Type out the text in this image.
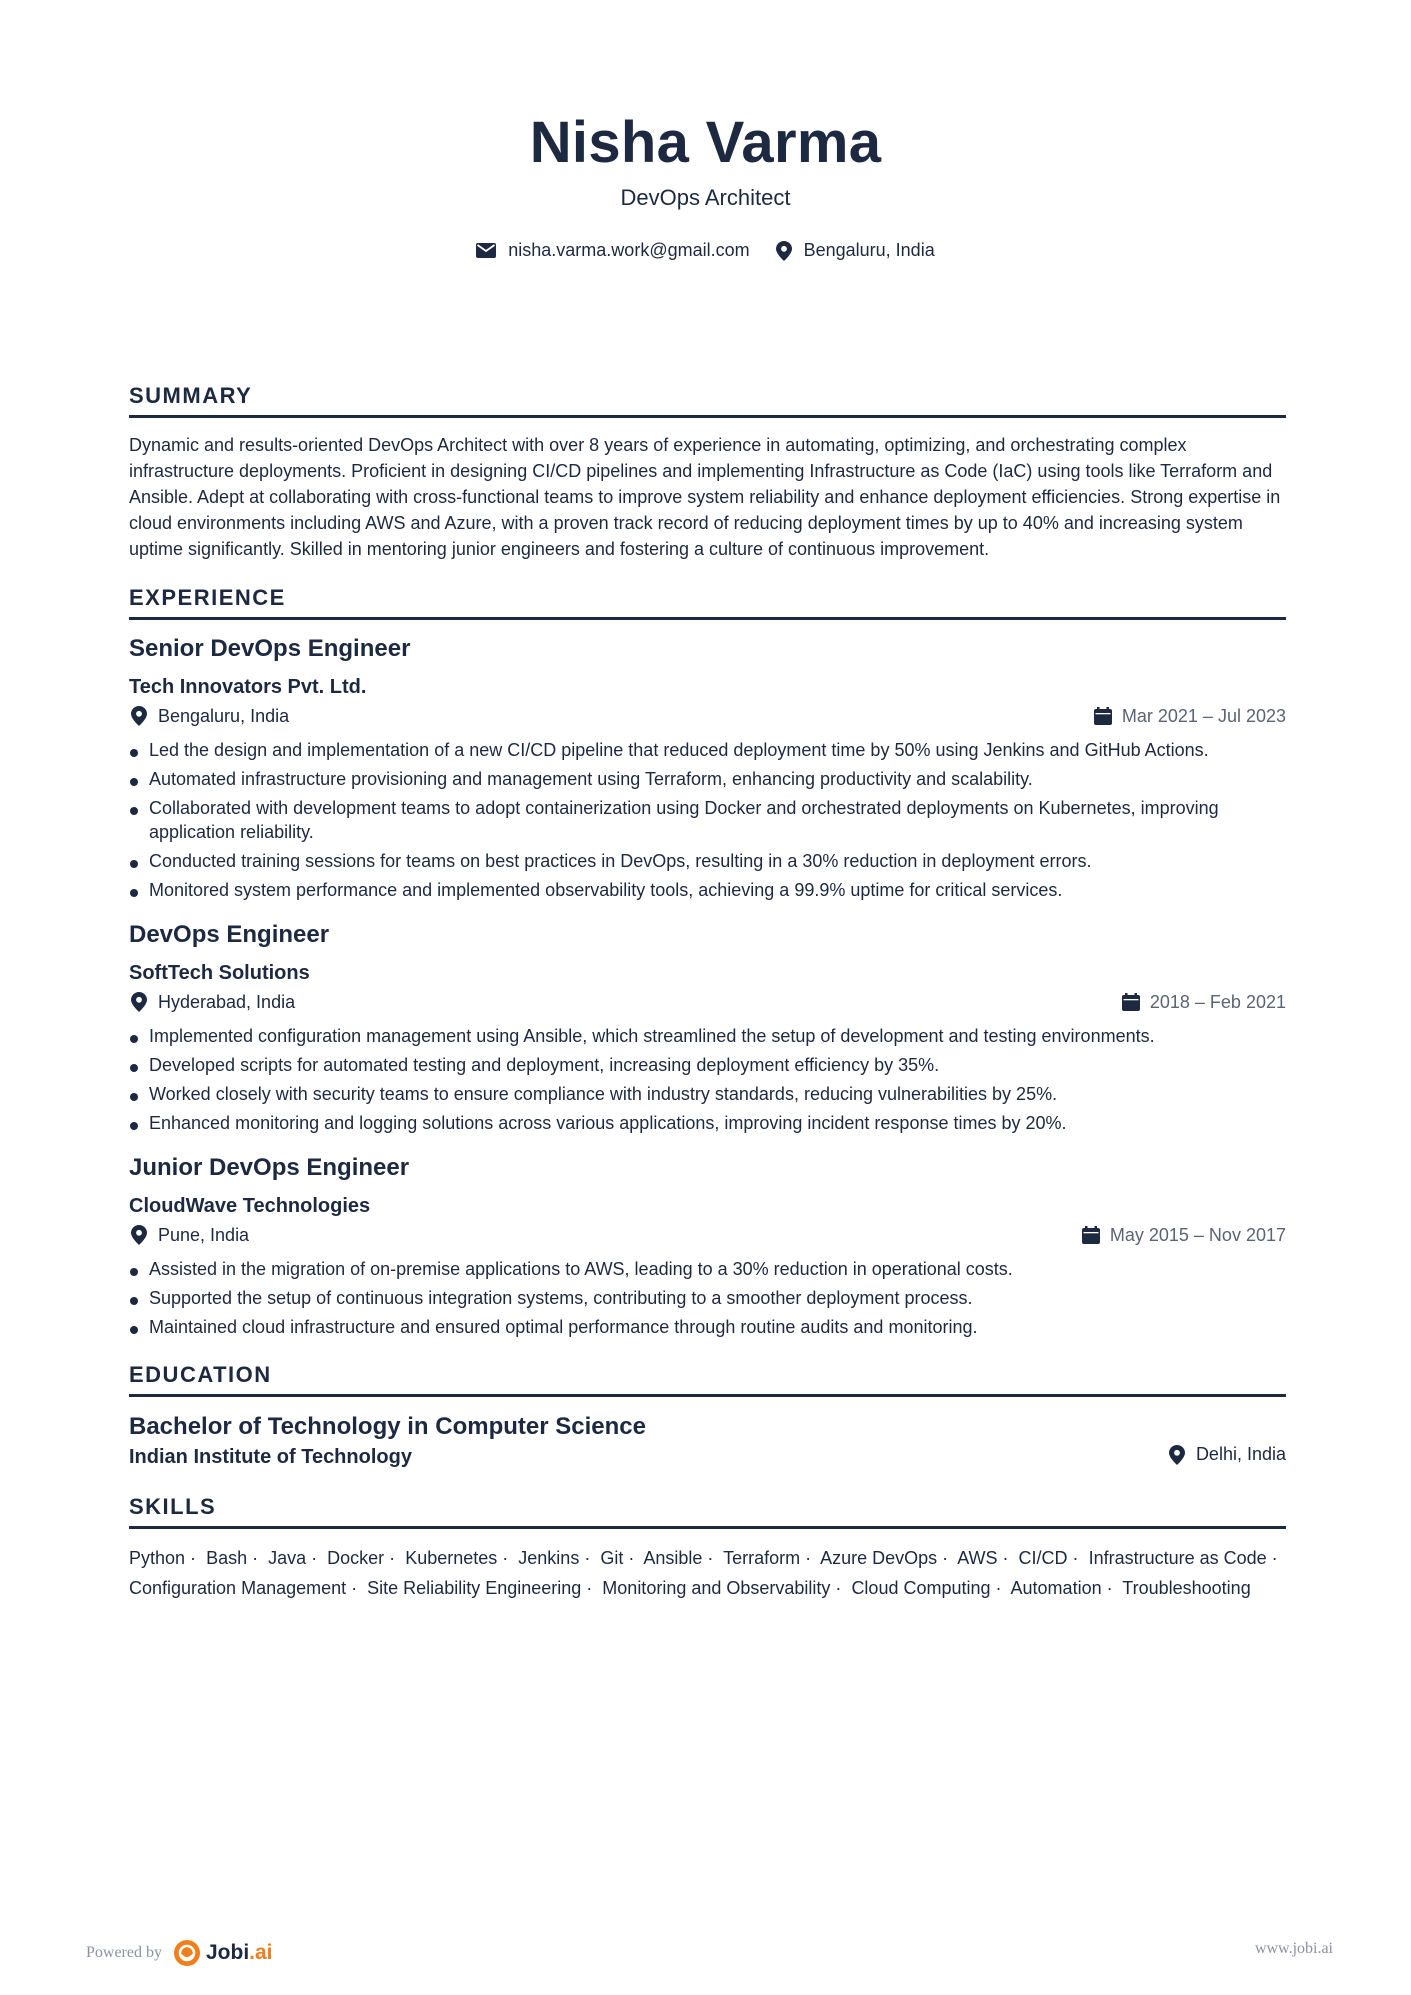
Nisha Varma
DevOps Architect
nisha.varma.work@gmail.com	Bengaluru, India
SUMMARY

Dynamic and results-oriented DevOps Architect with over 8 years of experience in automating, optimizing, and orchestrating complex infrastructure deployments. Proficient in designing CI/CD pipelines and implementing Infrastructure as Code (IaC) using tools like Terraform and Ansible. Adept at collaborating with cross-functional teams to improve system reliability and enhance deployment efficiencies. Strong expertise in cloud environments including AWS and Azure, with a proven track record of reducing deployment times by up to 40% and increasing system uptime significantly. Skilled in mentoring junior engineers and fostering a culture of continuous improvement.

EXPERIENCE
Senior DevOps Engineer
Tech Innovators Pvt. Ltd.
Bengaluru, India	Mar 2021 – Jul 2023
Led the design and implementation of a new CI/CD pipeline that reduced deployment time by 50% using Jenkins and GitHub Actions.
Automated infrastructure provisioning and management using Terraform, enhancing productivity and scalability.
Collaborated with development teams to adopt containerization using Docker and orchestrated deployments on Kubernetes, improving application reliability.
Conducted training sessions for teams on best practices in DevOps, resulting in a 30% reduction in deployment errors.
Monitored system performance and implemented observability tools, achieving a 99.9% uptime for critical services.
DevOps Engineer
SoftTech Solutions
Hyderabad, India	2018 – Feb 2021
Implemented configuration management using Ansible, which streamlined the setup of development and testing environments.
Developed scripts for automated testing and deployment, increasing deployment efficiency by 35%.
Worked closely with security teams to ensure compliance with industry standards, reducing vulnerabilities by 25%.
Enhanced monitoring and logging solutions across various applications, improving incident response times by 20%.
Junior DevOps Engineer
CloudWave Technologies
Pune, India	May 2015 – Nov 2017
Assisted in the migration of on-premise applications to AWS, leading to a 30% reduction in operational costs.
Supported the setup of continuous integration systems, contributing to a smoother deployment process.
Maintained cloud infrastructure and ensured optimal performance through routine audits and monitoring.
EDUCATION
Bachelor of Technology in Computer Science
Indian Institute of Technology	Delhi, India
SKILLS
Python · Bash · Java · Docker · Kubernetes · Jenkins · Git · Ansible · Terraform · Azure DevOps · AWS · CI/CD · Infrastructure as Code · Configuration Management · Site Reliability Engineering · Monitoring and Observability · Cloud Computing · Automation · Troubleshooting
Powered by Jobi.ai	www.jobi.ai
